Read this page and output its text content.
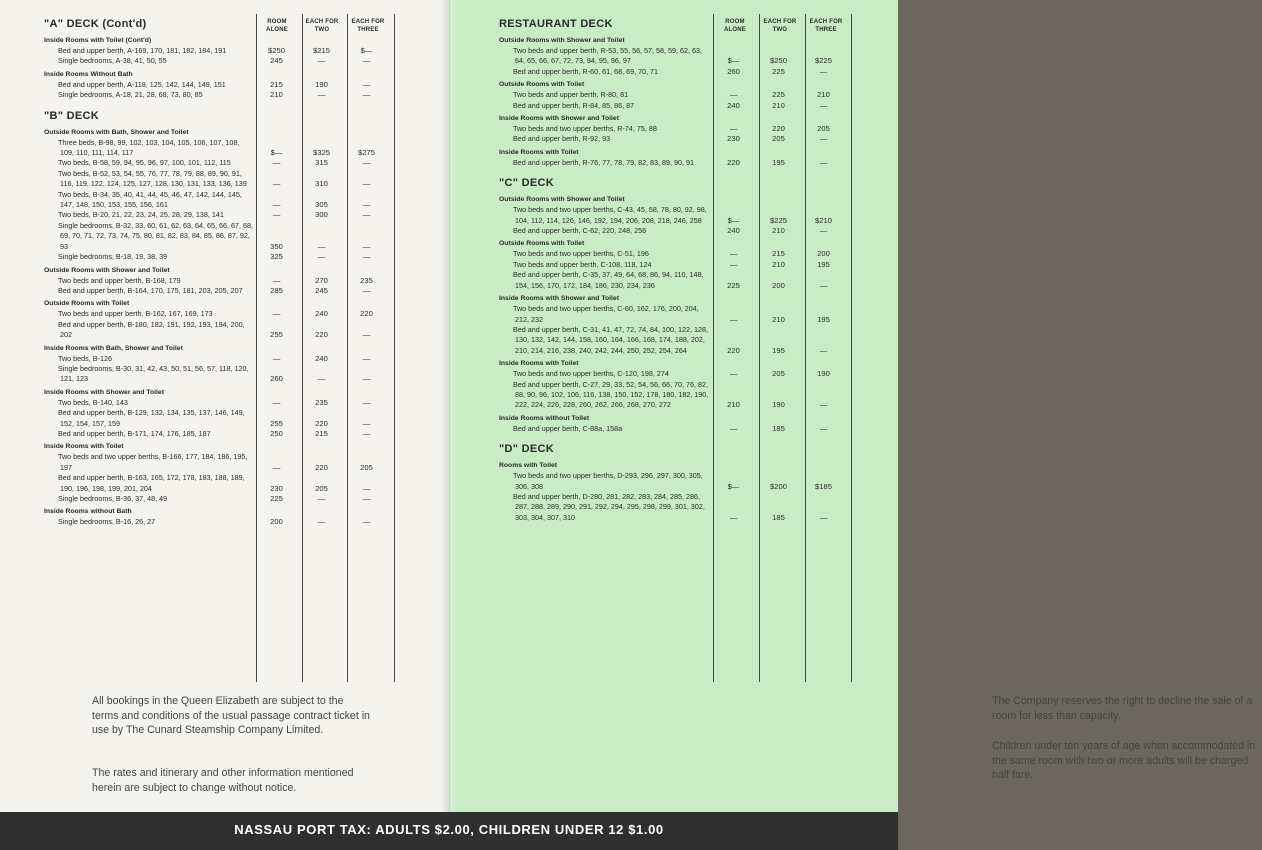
ROOM ALONE
EACH FOR TWO
EACH FOR THREE
"A" DECK (Cont'd)
Inside Rooms with Toilet (Cont'd)
Bed and upper berth, A-169, 170, 181, 182, 184, 191	$250	$215	$—
Single bedrooms, A-38, 41, 50, 55	245	—	—
Inside Rooms Without Bath
Bed and upper berth, A-118, 125, 142, 144, 149, 151	215	190	—
Single bedrooms, A-18, 21, 28, 68, 73, 80, 85	210	—	—
"B" DECK
Outside Rooms with Bath, Shower and Toilet
Three beds, B-98, 99, 102, 103, 104, 105, 106, 107, 108, 109, 110, 111, 114, 117	$—	$325	$275
Two beds, B-58, 59, 94, 95, 96, 97, 100, 101, 112, 115	—	315	—
Two beds, B-52, 53, 54, 55, 76, 77, 78, 79, 88, 89, 90, 91, 116, 119, 122, 124, 125, 127, 128, 130, 131, 133, 136, 139	—	310	—
Two beds, B-34, 35, 40, 41, 44, 45, 46, 47, 142, 144, 145, 147, 148, 150, 153, 155, 156, 161	—	305	—
Two beds, B-20, 21, 22, 23, 24, 25, 28, 29, 138, 141	—	300	—
Single bedrooms, B-32, 33, 60, 61, 62, 63, 64, 65, 66, 67, 68, 69, 70, 71, 72, 73, 74, 75, 80, 81, 82, 83, 84, 85, 86, 87, 92, 93	350	—	—
Single bedrooms, B-18, 19, 38, 39	325	—	—
Outside Rooms with Shower and Toilet
Two beds and upper berth, B-168, 179	—	270	235
Bed and upper berth, B-164, 170, 175, 181, 203, 205, 207	285	245	—
Outside Rooms with Toilet
Two beds and upper berth, B-162, 167, 169, 173	—	240	220
Bed and upper berth, B-180, 182, 191, 192, 193, 194, 200, 202	255	220	—
Inside Rooms with Bath, Shower and Toilet
Two beds, B-126	—	240	—
Single bedrooms, B-30, 31, 42, 43, 50, 51, 56, 57, 118, 120, 121, 123	260	—	—
Inside Rooms with Shower and Toilet
Two beds, B-140, 143	—	235	—
Bed and upper berth, B-129, 132, 134, 135, 137, 146, 149, 152, 154, 157, 159	255	220	—
Bed and upper berth, B-171, 174, 176, 185, 187	250	215	—
Inside Rooms with Toilet
Two beds and two upper berths, B-166, 177, 184, 186, 195, 197	—	220	205
Bed and upper berth, B-163, 165, 172, 178, 183, 188, 189, 190, 196, 198, 199, 201, 204	230	205	—
Single bedrooms, B-36, 37, 48, 49	225	—	—
Inside Rooms without Bath
Single bedrooms, B-16, 26, 27	200	—	—
All bookings in the Queen Elizabeth are subject to the terms and conditions of the usual passage contract ticket in use by The Cunard Steamship Company Limited.
The rates and itinerary and other information mentioned herein are subject to change without notice.
ROOM ALONE
EACH FOR TWO
EACH FOR THREE
RESTAURANT DECK
Outside Rooms with Shower and Toilet
Two beds and upper berth, R-53, 55, 56, 57, 58, 59, 62, 63, 64, 65, 66, 67, 72, 73, 94, 95, 96, 97	$—	$250	$225
Bed and upper berth, R-60, 61, 68, 69, 70, 71	260	225	—
Outside Rooms with Toilet
Two beds and upper berth, R-80, 81	—	225	210
Bed and upper berth, R-84, 85, 86, 87	240	210	—
Inside Rooms with Shower and Toilet
Two beds and two upper berths, R-74, 75, 88	—	220	205
Bed and upper berth, R-92, 93	230	205	—
Inside Rooms with Toilet
Bed and upper berth, R-76, 77, 78, 79, 82, 83, 89, 90, 91	220	195	—
"C" DECK
Outside Rooms with Shower and Toilet
Two beds and two upper berths, C-43, 45, 58, 78, 80, 92, 98, 104, 112, 114, 126, 146, 192, 194, 206, 208, 218, 246, 258	$—	$225	$210
Bed and upper berth, C-62, 220, 248, 256	240	210	—
Outside Rooms with Toilet
Two beds and two upper berths, C-51, 196	—	215	200
Two beds and upper berth, C-108, 118, 124	—	210	195
Bed and upper berth, C-35, 37, 49, 64, 68, 86, 94, 110, 148, 154, 156, 170, 172, 184, 186, 230, 234, 236	225	200	—
Inside Rooms with Shower and Toilet
Two beds and two upper berths, C-60, 162, 176, 200, 204, 212, 232	—	210	195
Bed and upper berth, C-31, 41, 47, 72, 74, 84, 100, 122, 128, 130, 132, 142, 144, 158, 160, 164, 166, 168, 174, 188, 202, 210, 214, 216, 238, 240, 242, 244, 250, 252, 254, 264	220	195	—
Inside Rooms with Toilet
Two beds and two upper berths, C-120, 198, 274	—	205	190
Bed and upper berth, C-27, 29, 33, 52, 54, 56, 66, 70, 76, 82, 88, 90, 96, 102, 106, 116, 138, 150, 152, 178, 180, 182, 190, 222, 224, 226, 228, 260, 262, 266, 268, 270, 272	210	190	—
Inside Rooms without Toilet
Bed and upper berth, C-88a, 158a	—	185	—
"D" DECK
Rooms with Toilet
Two beds and two upper berths, D-293, 296, 297, 300, 305, 306, 308	$—	$200	$185
Bed and upper berth, D-280, 281, 282, 283, 284, 285, 286, 287, 288, 289, 290, 291, 292, 294, 295, 298, 299, 301, 302, 303, 304, 307, 310	—	185	—
The Company reserves the right to decline the sale of a room for less than capacity.
Children under ten years of age when accommodated in the same room with two or more adults will be charged half fare.
NASSAU PORT TAX: ADULTS $2.00, CHILDREN UNDER 12 $1.00
